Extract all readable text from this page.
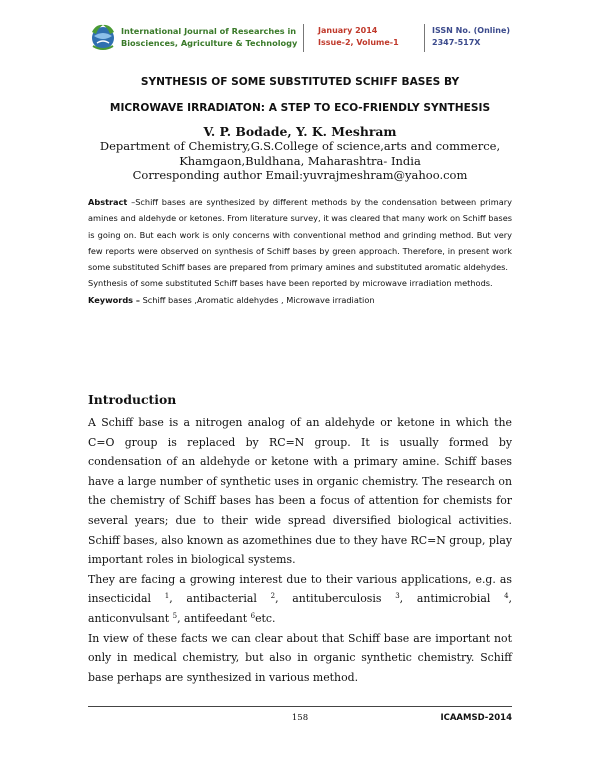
International Journal of Researches in
Biosciences, Agriculture & Technology
January 2014
Issue-2, Volume-1
ISSN No. (Online)
2347-517X
SYNTHESIS OF SOME SUBSTITUTED SCHIFF BASES BY
MICROWAVE IRRADIATON: A STEP TO ECO-FRIENDLY SYNTHESIS
V. P. Bodade, Y. K. Meshram
Department of Chemistry,G.S.College of science,arts and commerce,
Khamgaon,Buldhana, Maharashtra- India
Corresponding author Email:yuvrajmeshram@yahoo.com

Abstract –Schiff bases are synthesized by different methods by the condensation between primary amines and aldehyde or ketones. From literature survey, it was cleared that many work on Schiff bases is going on. But each work is only concerns with conventional method and grinding method. But very few reports were observed on synthesis of Schiff bases by green approach. Therefore, in present work some substituted Schiff bases are prepared from primary amines and substituted aromatic aldehydes.

Synthesis of some substituted Schiff bases have been reported by microwave irradiation methods.

Keywords – Schiff bases ,Aromatic aldehydes , Microwave irradiation

Introduction

A Schiff base is a nitrogen analog of an aldehyde or ketone in which the C=O group is replaced by RC=N group. It is usually formed by condensation of an aldehyde or ketone with a primary amine. Schiff bases have a large number of synthetic uses in organic chemistry. The research on the chemistry of Schiff bases has been a focus of attention for chemists for several years; due to their wide spread diversified biological activities. Schiff bases, also known as azomethines due to they have RC=N group, play important roles in biological systems.

They are facing a growing interest due to their various applications, e.g. as insecticidal $^1$, antibacterial $^2$, antituberculosis $^3$, antimicrobial $^4$, anticonvulsant $^5$, antifeedant $^6$etc.

In view of these facts we can clear about that Schiff base are important not only in medical chemistry, but also in organic synthetic chemistry. Schiff base perhaps are synthesized in various method.

158	ICAAMSD-2014
